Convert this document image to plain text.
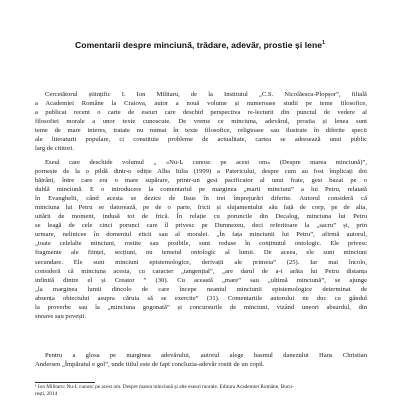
Comentarii despre minciună, trădare, adevăr, prostie și lene$^1$
Cercetătorul științific I. Ion Militaru, de la Institutul „C.S. Nicolăescu-Plopșor”, filială
a Academiei Române la Craiova, autor a nouă volume și numeroase studii pe teme filosofice,
a publicat recent o carte de eseuri care deschid perspectiva re-lecturii din punctul de vedere al
filosofiei morale a unor texte cunoscute. De vreme ce minciuna, adevărul, prostia și lenea sunt
teme de mare interes, tratate nu numai în texte filosofice, religioase sau ilustrate în diferite specii
ale literaturii populare, ci constituie probleme de actualitate, cartea se adresează unui public
larg de cititori.
Eseul care deschide volumul „ «Nu-L cunosc pe acest om» (Despre marea minciună)”,
pornește de la o pildă dintr-o ediție Alba Iulia (1999) a Patericului, despre cum au fost împlicați doi
bătrâni, între care era o mare supărare, printr-un gest pacificator al unui frate, gest bazat pe o
dublă minciună. E o introducere la comentariul pe marginea „marii minciuni” a lui Petru, relatată
în Evanghelii, când acesta se dezice de Iisus în trei împrejurări diferite. Autorul consideră că
minciuna lui Petru se datorează, pe de o parte, fricii și slujamentului său față de corp, pe de alta,
uitării de moment, indusă tot de frică. În relație cu poruncile din Decalog, minciuna lui Petru
se leagă de cele cinci porunci care îl privesc pe Dumnezeu, deci referitoare la „sacru” și, prin
urmare, nelinicee în domeniul eticii sau al moralei. „În fața minciunii lui Petru”, afirmă autorul,
„toate celelalte minciuni, rostite sau posibile, sunt reduse în conținutul ontologic. Ele privesc
fragmente ale ființei, secțiuni, nu temeiul ontologic al lumii. De aceea, ele sunt minciuni
secundare. Ele sunt minciuni epistemologice, derivații ale primeia” (25). Iar mai încolo,
consideră că minciuna acesta, cu caracter „tangențial”, „are darul de a-i arăta lui Petru distanța
infinită dintre el și Creator ” (30). Cu această „mare” sau „ultimă minciună”, se ajunge
„la marginea lumii dincolo de care începe neantul minciunii epistemologice determinat de
absența obiectului asupra căruia să se exercite” (31). Comentariile autorului ne duc cu gândul
la proverbe sau la „minciuna gogonată” și concursurile de minciuni, vizând uneori absurdul, din
snoave sau povești.
Pentru a glosa pe marginea adevărului, autorul alege basmul danezului Hans Christian
Andersen „Împăratul e gol”, unde titlul este de fapt concluzia-adevăr rostit de un copil.
¹ Ion Militaru: Nu-L cunosc pe acest om. Despre marea minciună și alte eseuri morale. Editura Academiei Române, Bucu-
rești, 2014
